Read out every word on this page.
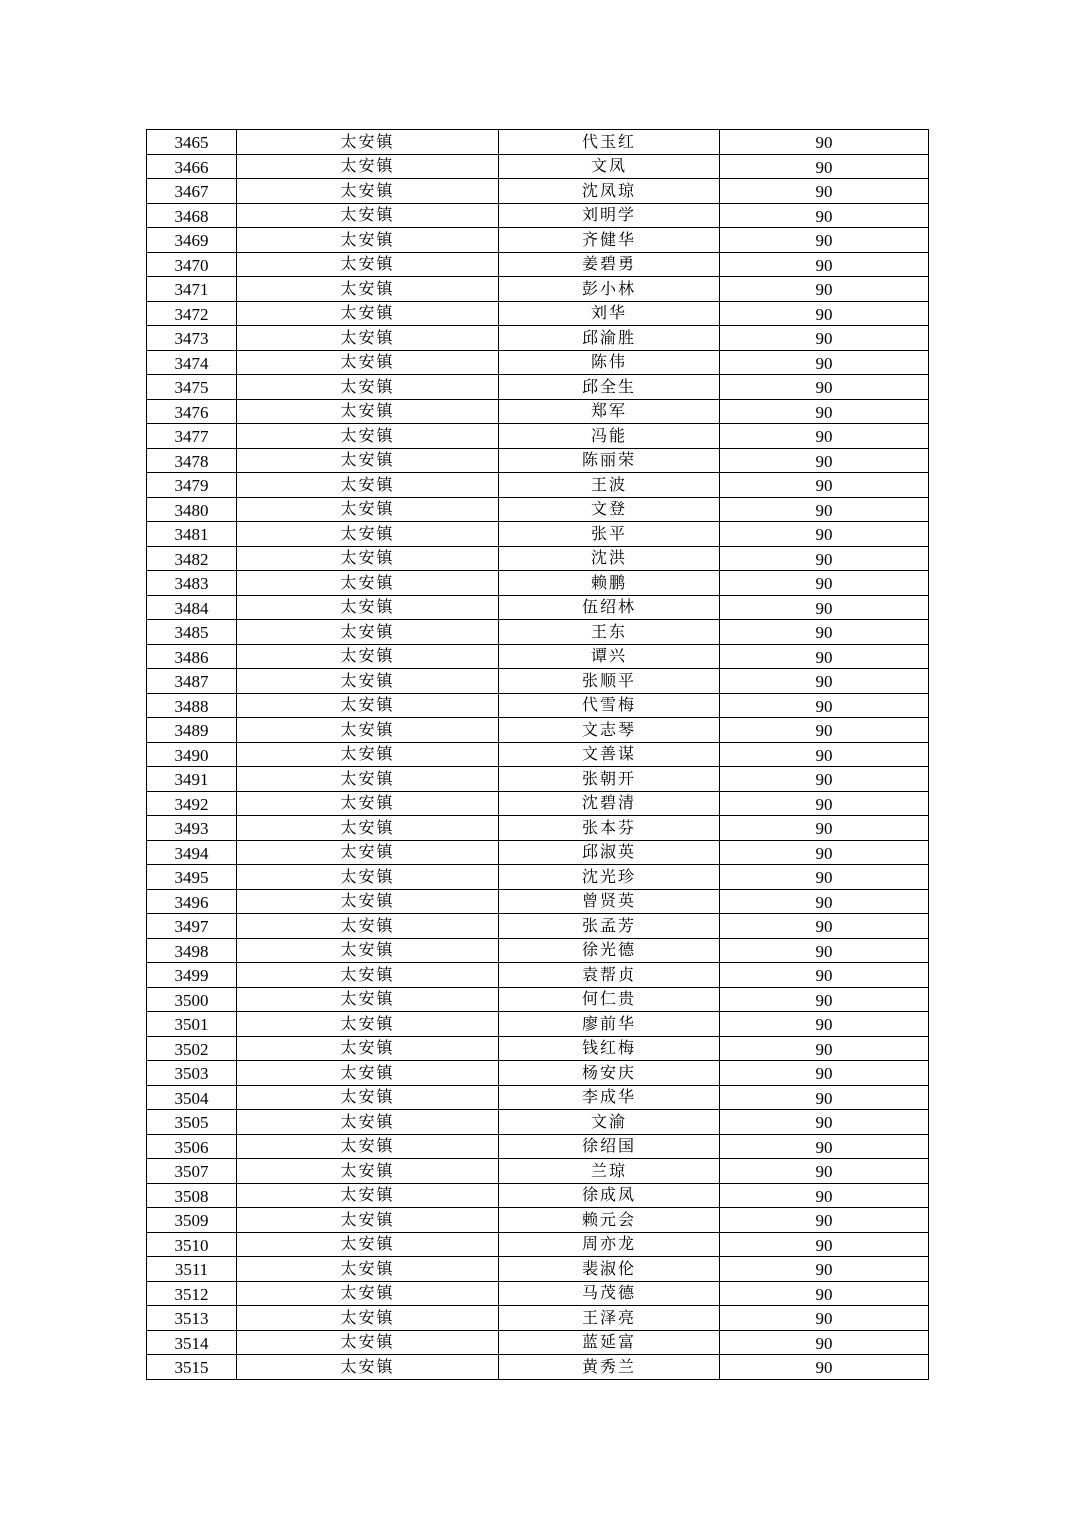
3465	太安镇	代玉红	90
3466	太安镇	文凤	90
3467	太安镇	沈凤琼	90
3468	太安镇	刘明学	90
3469	太安镇	齐健华	90
3470	太安镇	姜碧勇	90
3471	太安镇	彭小林	90
3472	太安镇	刘华	90
3473	太安镇	邱渝胜	90
3474	太安镇	陈伟	90
3475	太安镇	邱全生	90
3476	太安镇	郑军	90
3477	太安镇	冯能	90
3478	太安镇	陈丽荣	90
3479	太安镇	王波	90
3480	太安镇	文登	90
3481	太安镇	张平	90
3482	太安镇	沈洪	90
3483	太安镇	赖鹏	90
3484	太安镇	伍绍林	90
3485	太安镇	王东	90
3486	太安镇	谭兴	90
3487	太安镇	张顺平	90
3488	太安镇	代雪梅	90
3489	太安镇	文志琴	90
3490	太安镇	文善谋	90
3491	太安镇	张朝开	90
3492	太安镇	沈碧清	90
3493	太安镇	张本芬	90
3494	太安镇	邱淑英	90
3495	太安镇	沈光珍	90
3496	太安镇	曾贤英	90
3497	太安镇	张孟芳	90
3498	太安镇	徐光德	90
3499	太安镇	袁帮贞	90
3500	太安镇	何仁贵	90
3501	太安镇	廖前华	90
3502	太安镇	钱红梅	90
3503	太安镇	杨安庆	90
3504	太安镇	李成华	90
3505	太安镇	文渝	90
3506	太安镇	徐绍国	90
3507	太安镇	兰琼	90
3508	太安镇	徐成凤	90
3509	太安镇	赖元会	90
3510	太安镇	周亦龙	90
3511	太安镇	裴淑伦	90
3512	太安镇	马茂德	90
3513	太安镇	王泽亮	90
3514	太安镇	蓝延富	90
3515	太安镇	黄秀兰	90
